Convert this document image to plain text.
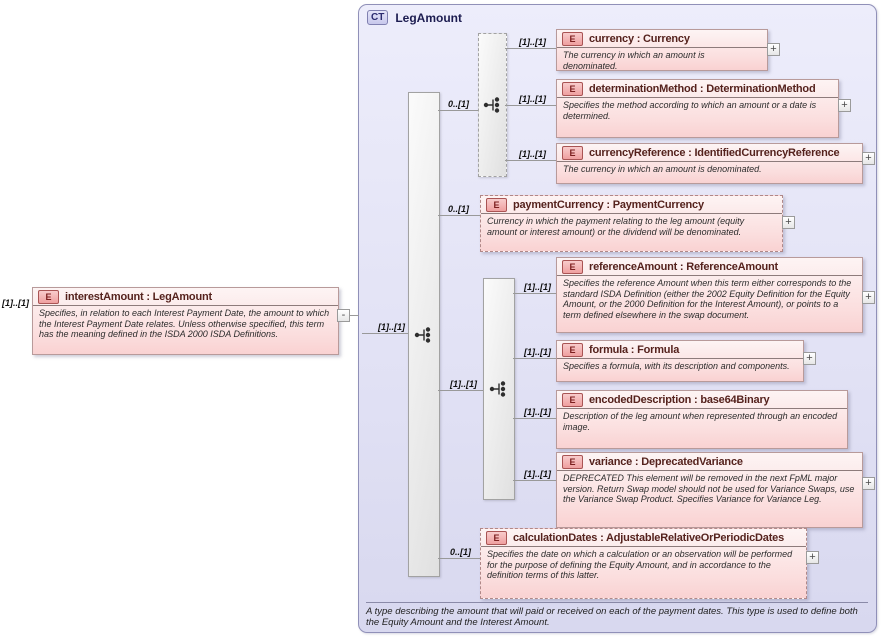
CT LegAmount
A type describing the amount that will paid or received on each of the payment dates. This type is used to define both the Equity Amount and the Interest Amount.
[1]..[1]
E	interestAmount : LegAmount
Specifies, in relation to each Interest Payment Date, the amount to which the Interest Payment Date relates. Unless otherwise specified, this term has the meaning defined in the ISDA 2000 ISDA Definitions.
-
[1]..[1]
0..[1]
[1]..[1]	E	currency : Currency
The currency in which an amount is denominated.
+
[1]..[1]
E	determinationMethod : DeterminationMethod
Specifies the method according to which an amount or a date is determined.
+
[1]..[1]	E	currencyReference : IdentifiedCurrencyReference
The currency in which an amount is denominated.
+
0..[1]	E	paymentCurrency : PaymentCurrency
Currency in which the payment relating to the leg amount (equity amount or interest amount) or the dividend will be denominated.
+
[1]..[1]
[1]..[1]
E	referenceAmount : ReferenceAmount
Specifies the reference Amount when this term either corresponds to the standard ISDA Definition (either the 2002 Equity Definition for the Equity Amount, or the 2000 Definition for the Interest Amount), or points to a term defined elsewhere in the swap document.
+
[1]..[1]	E	formula : Formula
Specifies a formula, with its description and components.
+
[1]..[1]
E	encodedDescription : base64Binary
Description of the leg amount when represented through an encoded image.
[1]..[1]
E	variance : DeprecatedVariance
DEPRECATED This element will be removed in the next FpML major version. Return Swap model should not be used for Variance Swaps, use the Variance Swap Product. Specifies Variance for Variance Leg.
+
0..[1]
E	calculationDates : AdjustableRelativeOrPeriodicDates
Specifies the date on which a calculation or an observation will be performed for the purpose of defining the Equity Amount, and in accordance to the definition terms of this latter.
+
